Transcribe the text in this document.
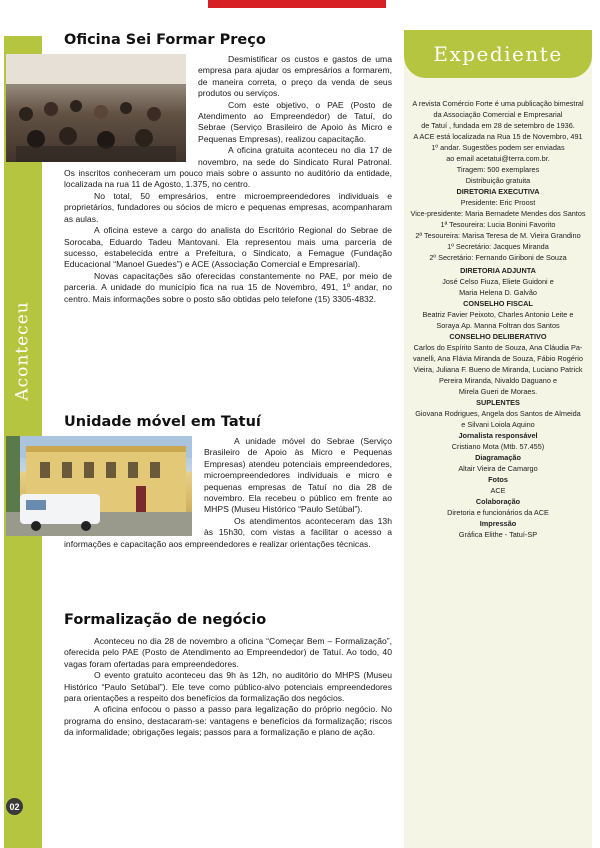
Aconteceu
02
Oficina Sei Formar Preço

Desmistificar os custos e gastos de uma empresa para ajudar os empresários a formarem, de maneira correta, o preço da venda de seus produtos ou serviços.

Com este objetivo, o PAE (Posto de Atendimento ao Empreendedor) de Tatuí, do Sebrae (Serviço Brasileiro de Apoio às Micro e Pequenas Empresas), realizou capacitação.

A oficina gratuita aconteceu no dia 17 de novembro, na sede do Sindicato Rural Patronal. Os inscritos conheceram um pouco mais sobre o assunto no auditório da entidade, localizada na rua 11 de Agosto, 1.375, no centro.

No total, 50 empresários, entre microempreendedores individuais e proprietários, fundadores ou sócios de micro e pequenas empresas, acompanharam as aulas.

A oficina esteve a cargo do analista do Escritório Regional do Sebrae de Sorocaba, Eduardo Tadeu Mantovani. Ela representou mais uma parceria de sucesso, estabelecida entre a Prefeitura, o Sindicato, a Femague (Fundação Educacional “Manoel Guedes”) e ACE (Associação Comercial e Empresarial).

Novas capacitações são oferecidas constantemente no PAE, por meio de parceria. A unidade do município fica na rua 15 de Novembro, 491, 1º andar, no centro. Mais informações sobre o posto são obtidas pelo telefone (15) 3305-4832.

Unidade móvel em Tatuí

A unidade móvel do Sebrae (Serviço Brasileiro de Apoio às Micro e Pequenas Empresas) atendeu potenciais empreendedores, microempreendedores individuais e micro e pequenas empresas de Tatuí no dia 28 de novembro. Ela recebeu o público em frente ao MHPS (Museu Histórico “Paulo Setúbal”).

Os atendimentos aconteceram das 13h às 15h30, com vistas a facilitar o acesso a informações e capacitação aos empreendedores e realizar orientações técnicas.

Formalização de negócio

Aconteceu no dia 28 de novembro a oficina “Começar Bem – Formalização”, oferecida pelo PAE (Posto de Atendimento ao Empreendedor) de Tatuí. Ao todo, 40 vagas foram ofertadas para empreendedores.

O evento gratuito aconteceu das 9h às 12h, no auditório do MHPS (Museu Histórico “Paulo Setúbal”). Ele teve como público-alvo potenciais empreendedores para orientações a respeito dos benefícios da formalização dos negócios.

A oficina enfocou o passo a passo para legalização do próprio negócio. No programa do ensino, destacaram-se: vantagens e benefícios da formalização; riscos da informalidade; obrigações legais; passos para a formalização e plano de ação.

Expediente

A revista Comércio Forte é uma publicação bimestral

da Associação Comercial e Empresarial

de Tatuí , fundada em 28 de setembro de 1936.

A ACE está localizada na Rua 15 de Novembro, 491

1º andar. Sugestões podem ser enviadas

ao email acetatui@terra.com.br.

Tiragem: 500 exemplares

Distribuição gratuita

DIRETORIA EXECUTIVA

Presidente: Eric Proost

Vice-presidente: Maria Bernadete Mendes dos Santos

1ª Tesoureira: Lucia Bonini Favorito

2ª Tesoureira: Marisa Teresa de M. Vieira Grandino

1º Secretário: Jacques Miranda

2º Secretário: Fernando Giriboni de Souza

DIRETORIA ADJUNTA

José Celso Fiuza, Eliete Guidoni e

Maria Helena D. Galvão

CONSELHO FISCAL

Beatriz Favier Peixoto, Charles Antonio Leite e

Soraya Ap. Manna Foltran dos Santos

CONSELHO DELIBERATIVO

Carlos do Espírito Santo de Souza, Ana Cláudia Pa-

vanelli, Ana Flávia Miranda de Souza, Fábio Rogério

Vieira, Juliana F. Bueno de Miranda, Luciano Patrick

Pereira Miranda, Nivaldo Daguano e

Mirela Gueri de Moraes.

SUPLENTES

Giovana Rodrigues, Angela dos Santos de Almeida

e Silvani Loiola Aquino

Jornalista responsável

Cristiano Mota (Mtb. 57.455)

Diagramação

Altair Vieira de Camargo

Fotos

ACE

Colaboração

Diretoria e funcionários da ACE

Impressão

Gráfica Elithe - Tatuí-SP
